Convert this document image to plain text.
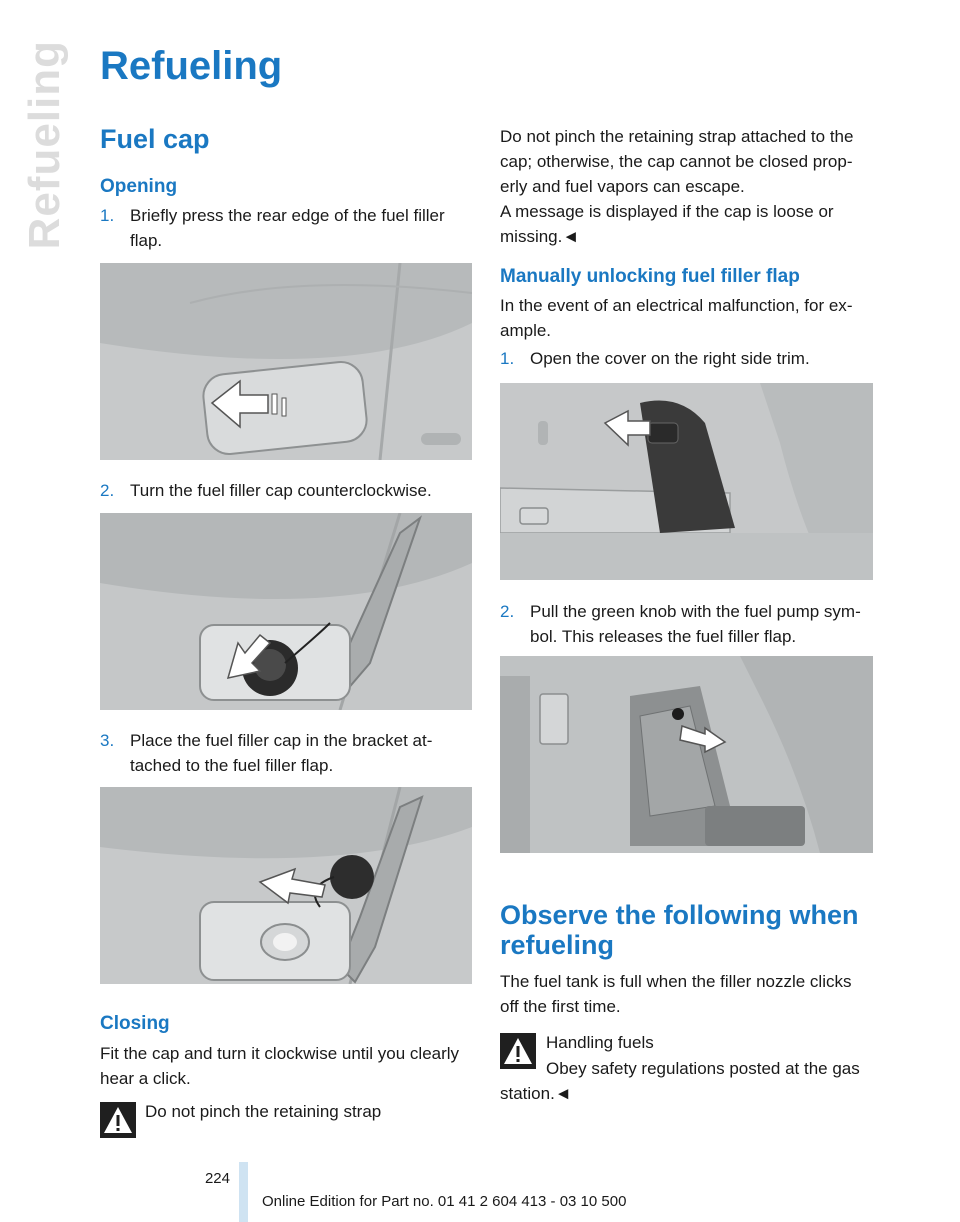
Refueling Refueling
Fuel cap
Opening
1. Briefly press the rear edge of the fuel filler flap.
2. Turn the fuel filler cap counterclockwise.
3. Place the fuel filler cap in the bracket attached to the fuel filler flap.
Closing

Fit the cap and turn it clockwise until you clearly hear a click.

Do not pinch the retaining strap

Do not pinch the retaining strap attached to the cap; otherwise, the cap cannot be closed properly and fuel vapors can escape.

A message is displayed if the cap is loose or missing.◄

Manually unlocking fuel filler flap

In the event of an electrical malfunction, for example.

1. Open the cover on the right side trim.
2. Pull the green knob with the fuel pump symbol. This releases the fuel filler flap.
Observe the following when refueling

The fuel tank is full when the filler nozzle clicks off the first time.

Handling fuels

Obey safety regulations posted at the gas

station.◄

224
Online Edition for Part no. 01 41 2 604 413 - 03 10 500
